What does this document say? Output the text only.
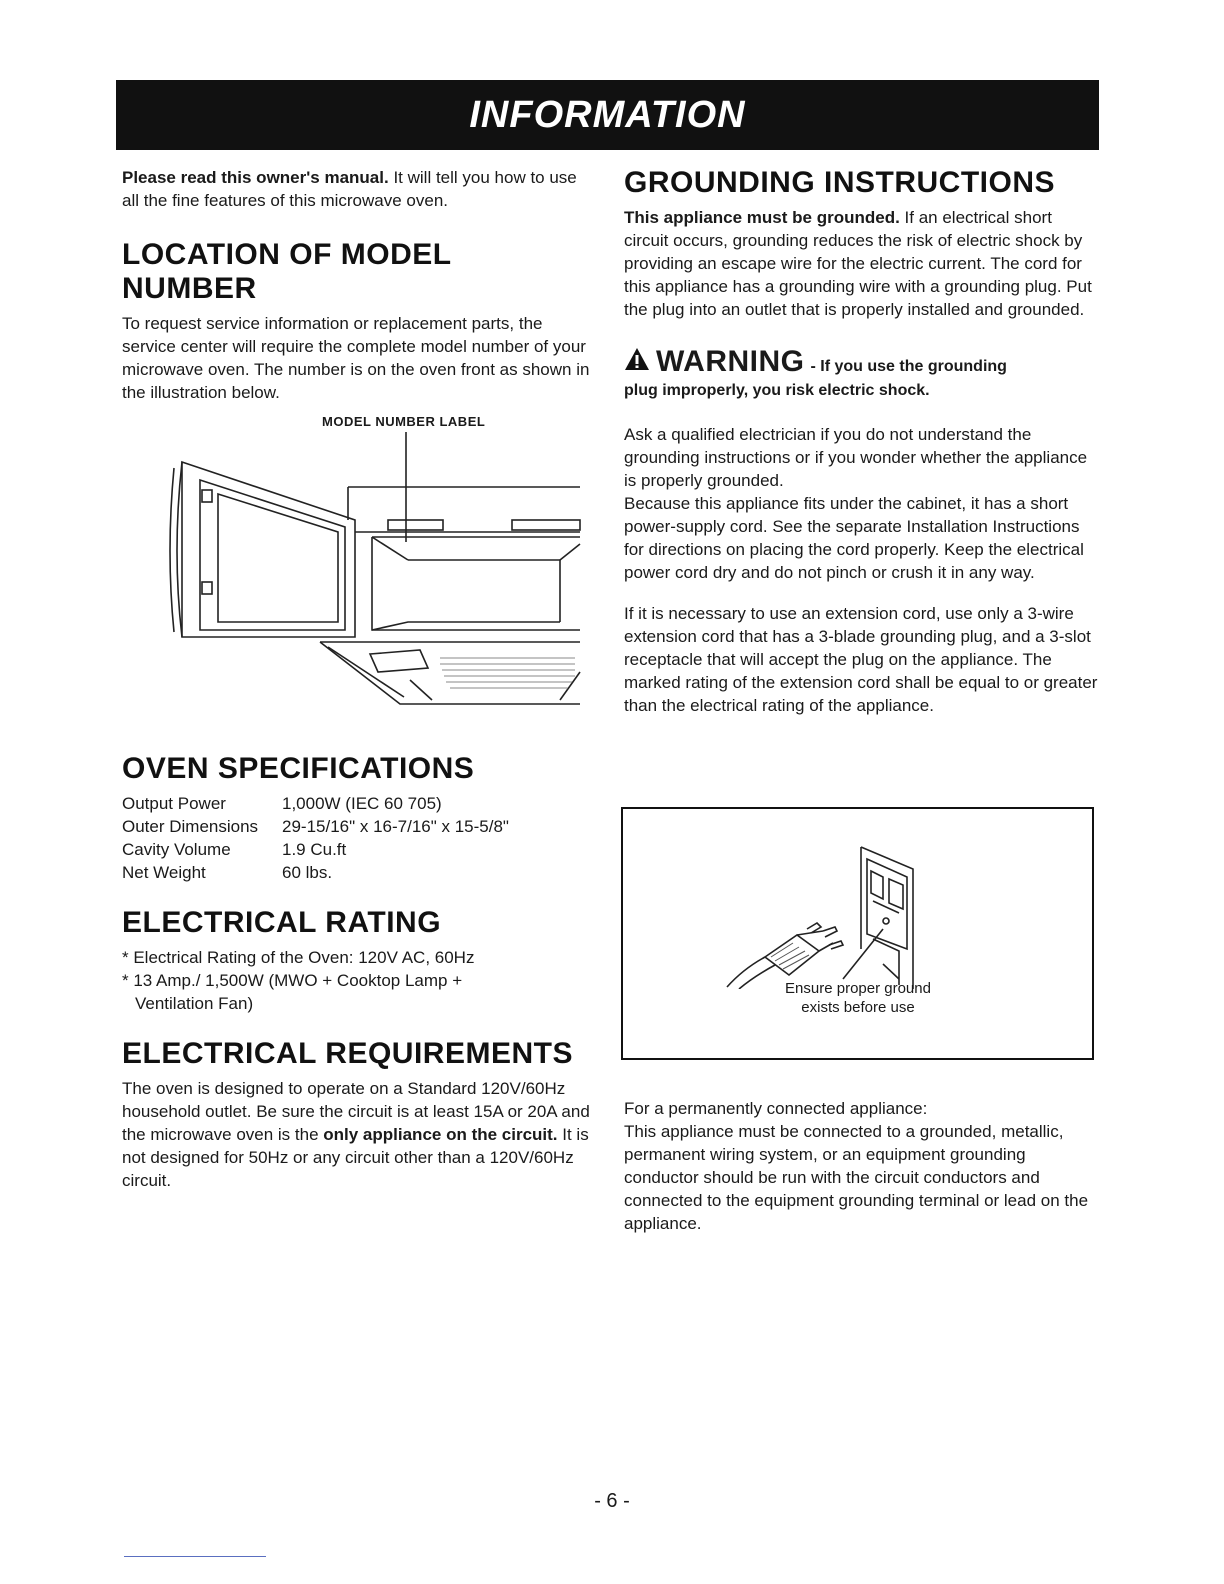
INFORMATION

Please read this owner's manual. It will tell you how to use all the fine features of this microwave oven.

LOCATION OF MODEL NUMBER

To request service information or replacement parts, the service center will require the complete model number of your microwave oven. The number is on the oven front as shown in the illustration below.

MODEL NUMBER LABEL
OVEN SPECIFICATIONS
Output Power	1,000W (IEC 60 705)
Outer Dimensions	29-15/16" x 16-7/16" x 15-5/8"
Cavity Volume	1.9 Cu.ft
Net Weight	60 lbs.
ELECTRICAL RATING
* Electrical Rating of the Oven: 120V AC, 60Hz
* 13 Amp./ 1,500W (MWO + Cooktop Lamp +
Ventilation Fan)
ELECTRICAL REQUIREMENTS

The oven is designed to operate on a Standard 120V/60Hz household outlet. Be sure the circuit is at least 15A or 20A and the microwave oven is the only appliance on the circuit. It is not designed for 50Hz or any circuit other than a 120V/60Hz circuit.

GROUNDING INSTRUCTIONS

This appliance must be grounded. If an electrical short circuit occurs, grounding reduces the risk of electric shock by providing an escape wire for the electric current. The cord for this appliance has a grounding wire with a grounding plug. Put the plug into an outlet that is properly installed and grounded.

WARNING - If you use the grounding
plug improperly, you risk electric shock.

Ask a qualified electrician if you do not understand the grounding instructions or if you wonder whether the appliance is properly grounded.

Because this appliance fits under the cabinet, it has a short power-supply cord. See the separate Installation Instructions for directions on placing the cord properly. Keep the electrical power cord dry and do not pinch or crush it in any way.

If it is necessary to use an extension cord, use only a 3-wire extension cord that has a 3-blade grounding plug, and a 3-slot receptacle that will accept the plug on the appliance. The marked rating of the extension cord shall be equal to or greater than the electrical rating of the appliance.

Ensure proper ground
exists before use

For a permanently connected appliance:

This appliance must be connected to a grounded, metallic, permanent wiring system, or an equipment grounding conductor should be run with the circuit conductors and connected to the equipment grounding terminal or lead on the appliance.

- 6 -
